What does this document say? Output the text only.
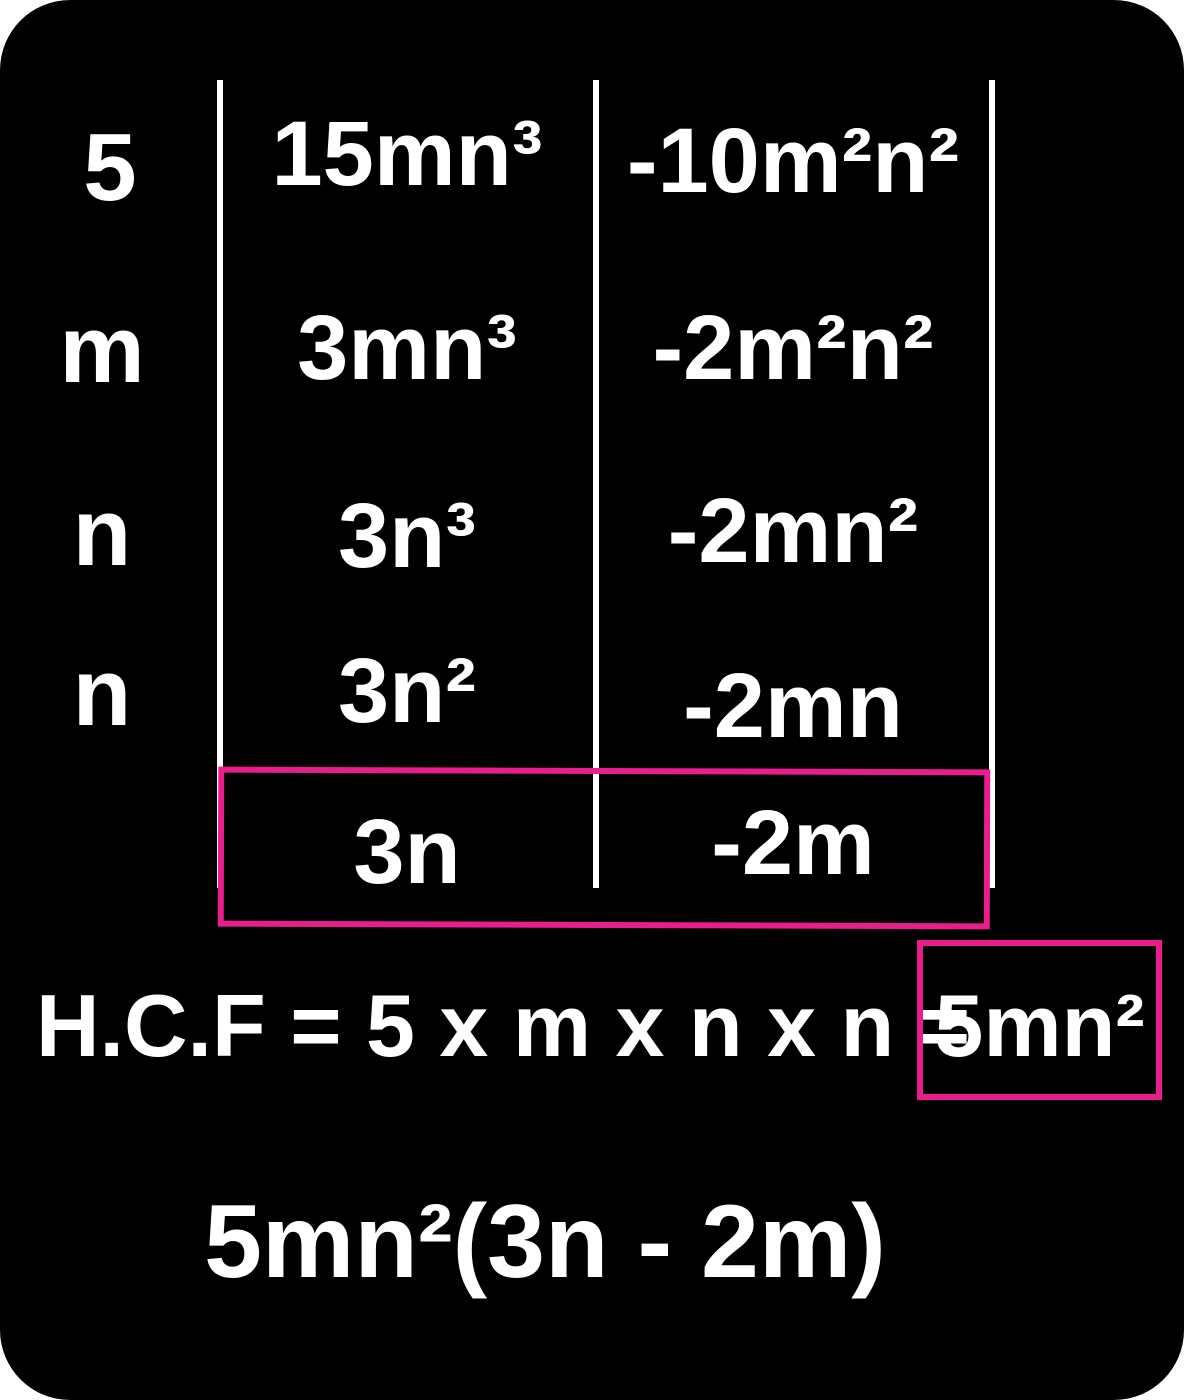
5
m
n
n
15mn³
3mn³
3n³
3n²
3n
-10m²n²
-2m²n²
-2mn²
-2mn
-2m
H.C.F = 5 x m x n x n =
5mn²
5mn²(3n - 2m)
